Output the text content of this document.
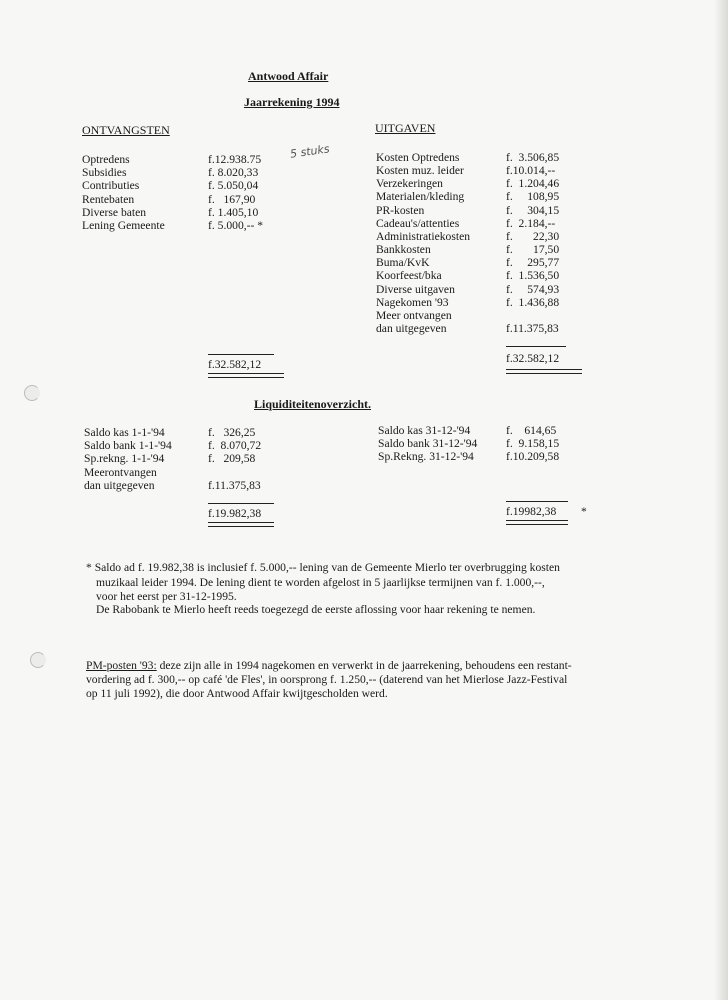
Antwood Affair
Jaarrekening 1994
ONTVANGSTEN	UITGAVEN
Optredens	f.12.938.75
Subsidies	f. 8.020,33
Contributies	f. 5.050,04
Rentebaten	f.   167,90
Diverse baten	f. 1.405,10
Lening Gemeente	f. 5.000,-- *
5 stuks
f.32.582,12
Kosten Optredens	f.  3.506,85
Kosten muz. leider	f.10.014,--
Verzekeringen	f.  1.204,46
Materialen/kleding	f.     108,95
PR-kosten	f.     304,15
Cadeau's/attenties	f.  2.184,--
Administratiekosten	f.       22,30
Bankkosten	f.       17,50
Buma/KvK	f.     295,77
Koorfeest/bka	f.  1.536,50
Diverse uitgaven	f.     574,93
Nagekomen '93	f.  1.436,88
Meer ontvangen
dan uitgegeven	f.11.375,83
f.32.582,12
Liquiditeitenoverzicht.
Saldo kas 1-1-'94	f.   326,25
Saldo bank 1-1-'94	f.  8.070,72
Sp.rekng. 1-1-'94	f.   209,58
Meerontvangen
dan uitgegeven	f.11.375,83
Saldo kas 31-12-'94	f.    614,65
Saldo bank 31-12-'94 f.  9.158,15
Sp.Rekng. 31-12-'94	f.10.209,58
f.19.982,38	f.19982,38 *
* Saldo ad f. 19.982,38 is inclusief f. 5.000,-- lening van de Gemeente Mierlo ter overbrugging kosten
muzikaal leider 1994. De lening dient te worden afgelost in 5 jaarlijkse termijnen van f. 1.000,--,
voor het eerst per 31-12-1995.
De Rabobank te Mierlo heeft reeds toegezegd de eerste aflossing voor haar rekening te nemen.
PM-posten '93: deze zijn alle in 1994 nagekomen en verwerkt in de jaarrekening, behoudens een restant-
vordering ad f. 300,-- op café 'de Fles', in oorsprong f. 1.250,-- (daterend van het Mierlose Jazz-Festival
op 11 juli 1992), die door Antwood Affair kwijtgescholden werd.
